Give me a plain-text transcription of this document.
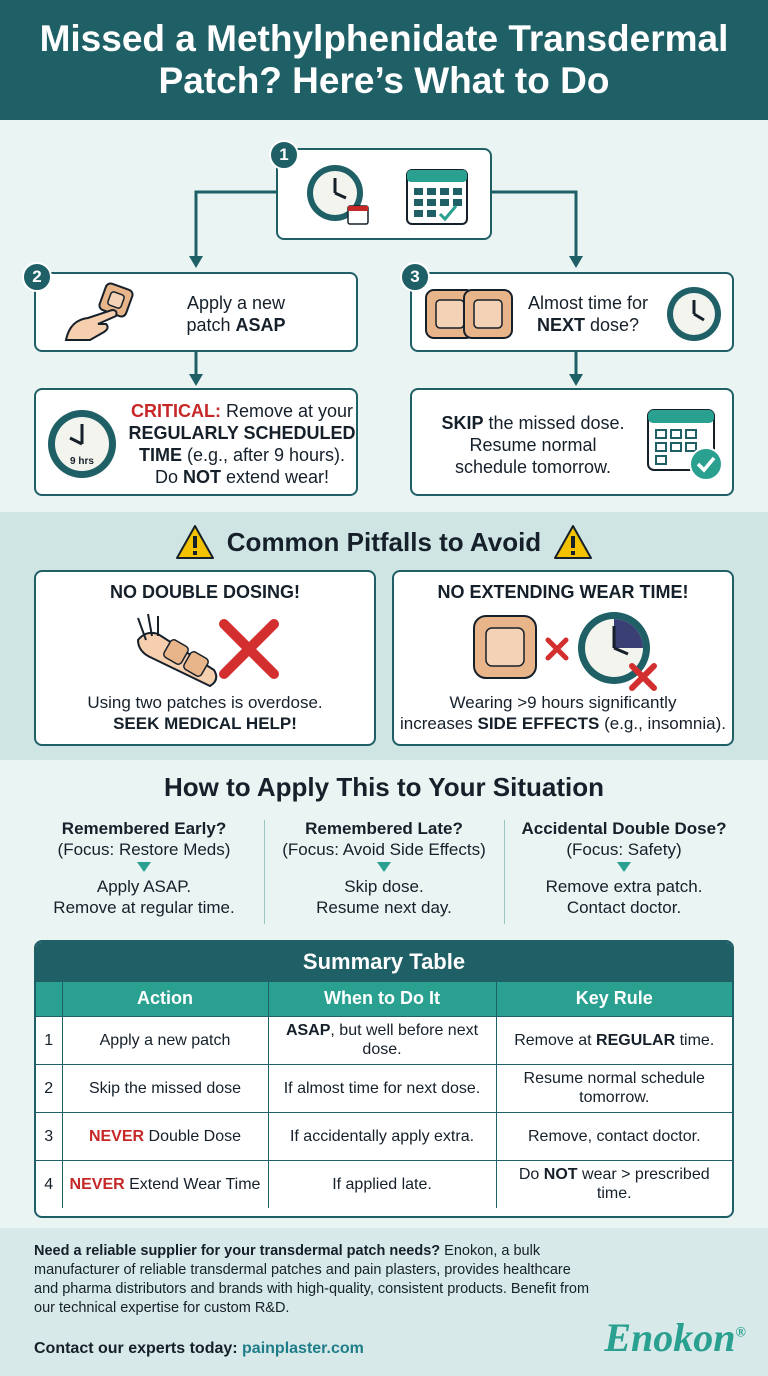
Missed a Methylphenidate Transdermal Patch? Here’s What to Do
1
Apply a new
patch ASAP
2
Almost time for
NEXT dose?
3
9 hrs
CRITICAL: Remove at your
REGULARLY SCHEDULED
TIME (e.g., after 9 hours).
Do NOT extend wear!
SKIP the missed dose.
Resume normal
schedule tomorrow.
Common Pitfalls to Avoid
NO DOUBLE DOSING!
Using two patches is overdose.
SEEK MEDICAL HELP!
NO EXTENDING WEAR TIME!
Wearing >9 hours significantly
increases SIDE EFFECTS (e.g., insomnia).
How to Apply This to Your Situation
Remembered Early?
(Focus: Restore Meds)
Apply ASAP.
Remove at regular time.
Remembered Late?
(Focus: Avoid Side Effects)
Skip dose.
Resume next day.
Accidental Double Dose?
(Focus: Safety)
Remove extra patch.
Contact doctor.
Summary Table
	Action	When to Do It	Key Rule
1	Apply a new patch	ASAP, but well before next dose.	Remove at REGULAR time.
2	Skip the missed dose	If almost time for next dose.	Resume normal schedule tomorrow.
3	NEVER Double Dose	If accidentally apply extra.	Remove, contact doctor.
4	NEVER Extend Wear Time	If applied late.	Do NOT wear > prescribed time.
Need a reliable supplier for your transdermal patch needs? Enokon, a bulk manufacturer of reliable transdermal patches and pain plasters, provides healthcare and pharma distributors and brands with high-quality, consistent products. Benefit from our technical expertise for custom R&D.
Contact our experts today: painplaster.com	Enokon®
